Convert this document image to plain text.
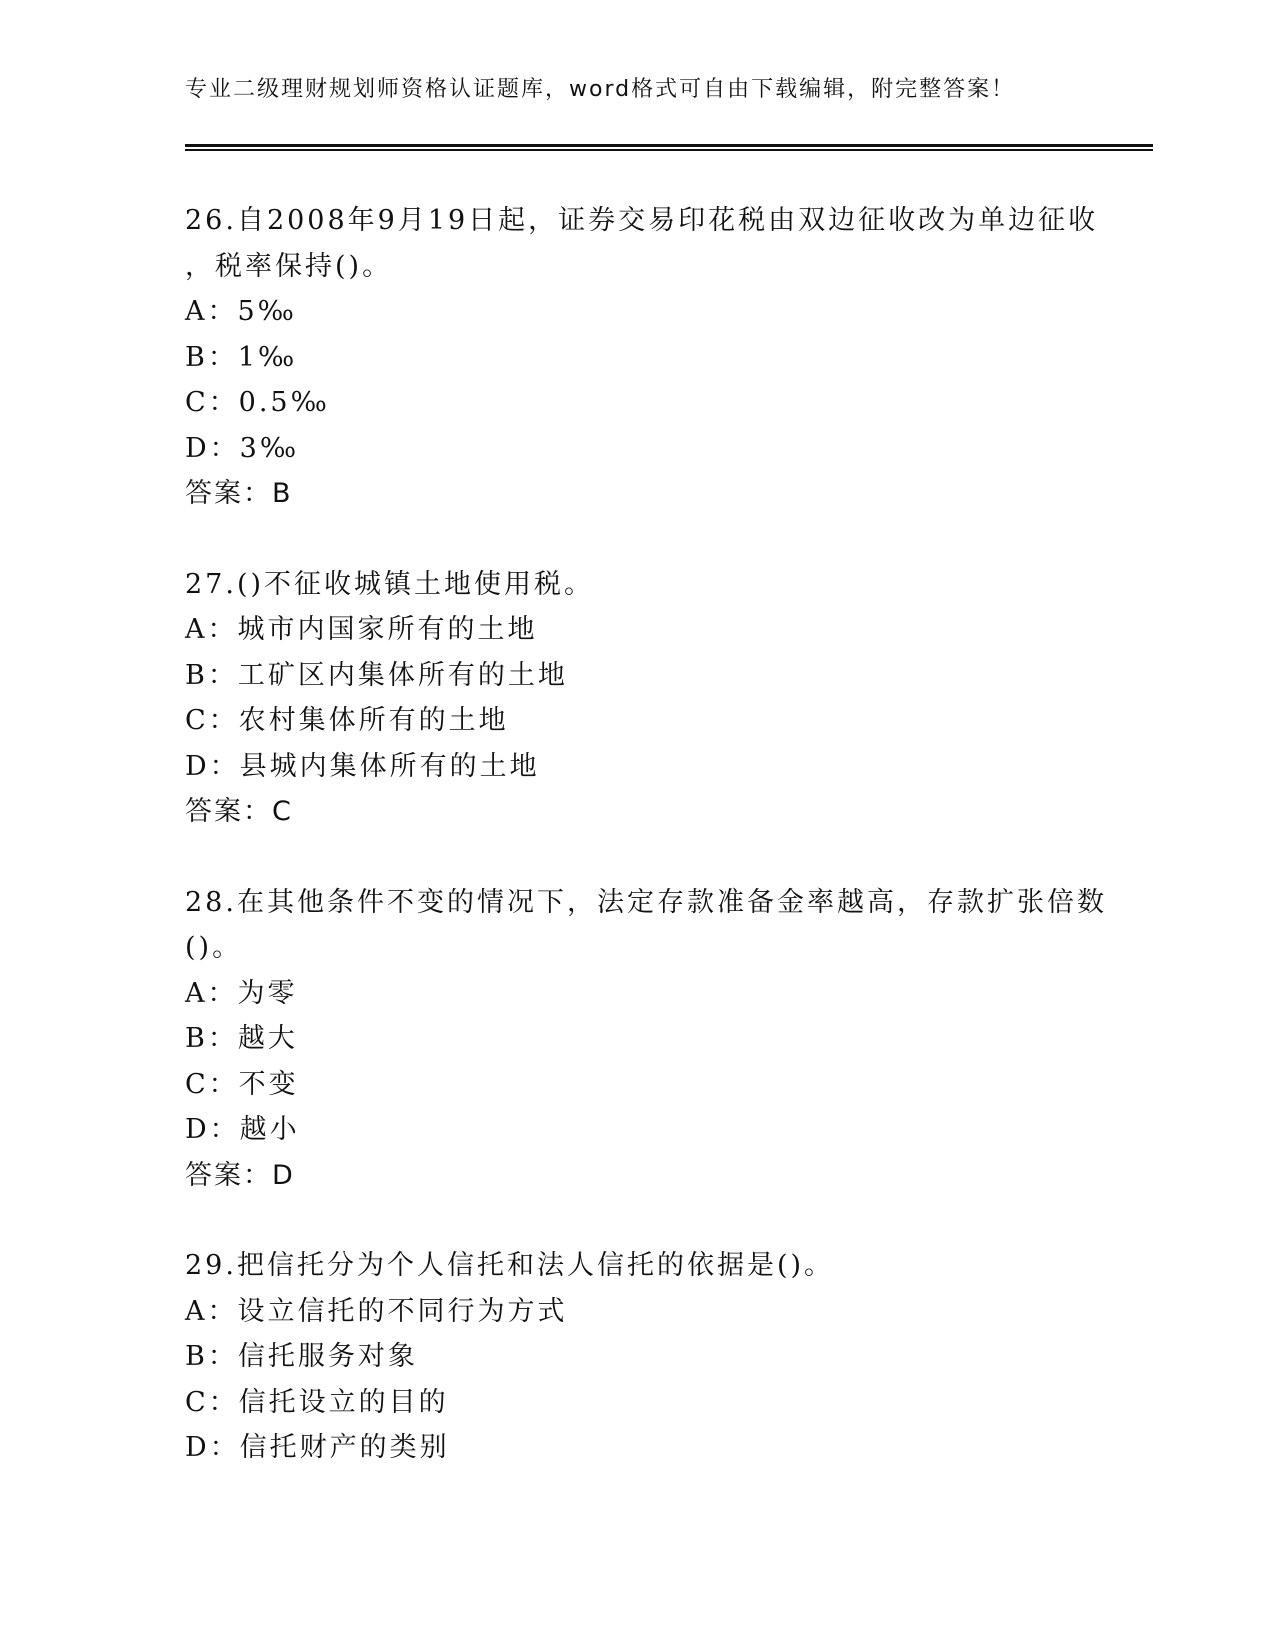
专业二级理财规划师资格认证题库，word格式可自由下载编辑，附完整答案！
26.自2008年9月19日起，证券交易印花税由双边征收改为单边征收
，税率保持()。
A：5‰
B：1‰
C：0.5‰
D：3‰
答案：B
27.()不征收城镇土地使用税。
A：城市内国家所有的土地
B：工矿区内集体所有的土地
C：农村集体所有的土地
D：县城内集体所有的土地
答案：C
28.在其他条件不变的情况下，法定存款准备金率越高，存款扩张倍数
()。
A：为零
B：越大
C：不变
D：越小
答案：D
29.把信托分为个人信托和法人信托的依据是()。
A：设立信托的不同行为方式
B：信托服务对象
C：信托设立的目的
D：信托财产的类别
